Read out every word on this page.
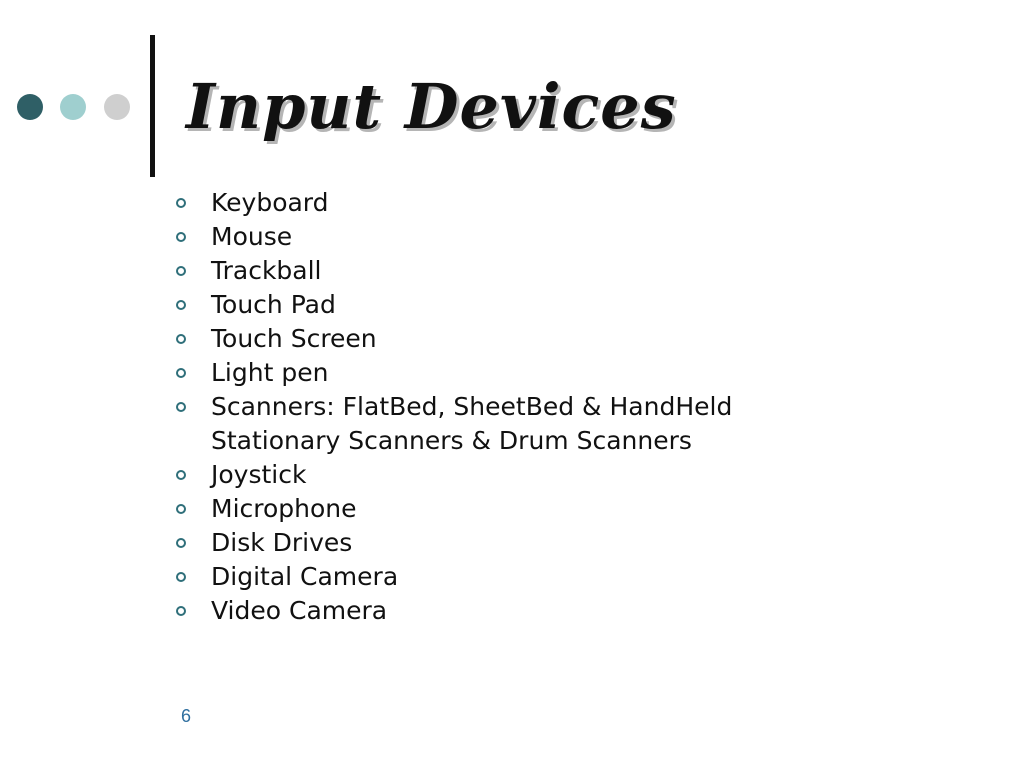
Input Devices
Keyboard
Mouse
Trackball
Touch Pad
Touch Screen
Light pen
Scanners: FlatBed, SheetBed & HandHeld
Stationary Scanners & Drum Scanners
Joystick
Microphone
Disk Drives
Digital Camera
Video Camera
6
